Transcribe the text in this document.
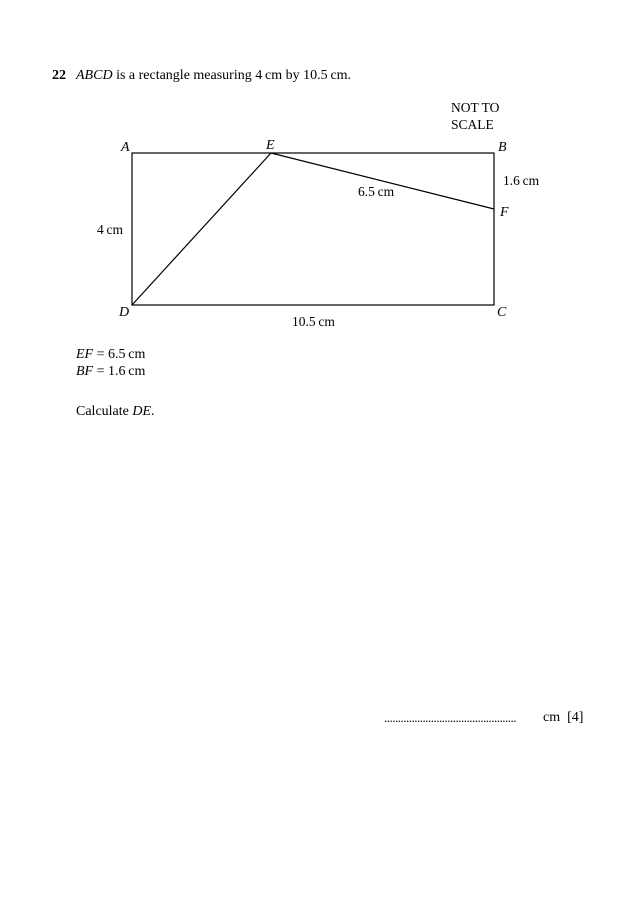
22 ABCD is a rectangle measuring 4 cm by 10.5 cm.
NOT TO
SCALE
A	E	B
F
D	C
4 cm
10.5 cm
6.5 cm
1.6 cm
EF = 6.5 cm
BF = 1.6 cm
Calculate DE.
................................................ cm [4]
